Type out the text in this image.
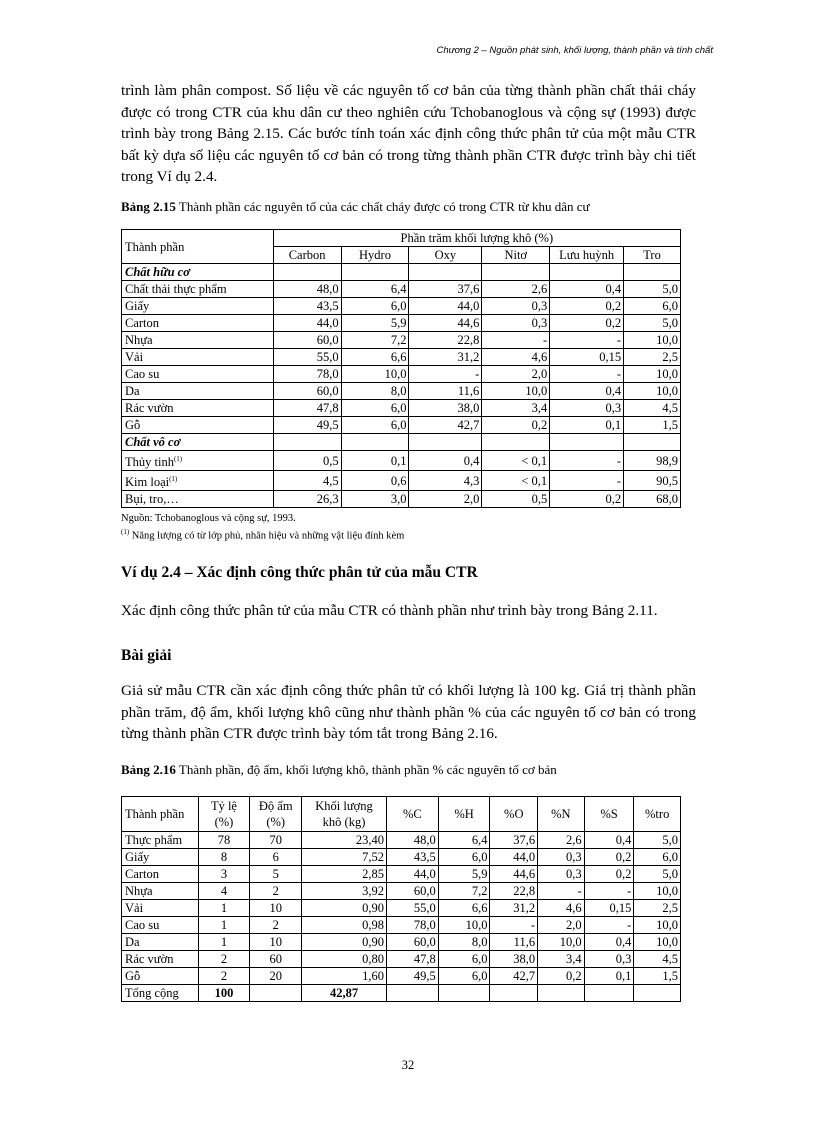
Chương 2 – Nguồn phát sinh, khối lượng, thành phần và tính chất

trình làm phân compost. Số liệu về các nguyên tố cơ bản của từng thành phần chất thải cháy được có trong CTR của khu dân cư theo nghiên cứu Tchobanoglous và cộng sự (1993) được trình bày trong Bảng 2.15. Các bước tính toán xác định công thức phân tử của một mẫu CTR bất kỳ dựa số liệu các nguyên tố cơ bản có trong từng thành phần CTR được trình bày chi tiết trong Ví dụ 2.4.

Bảng 2.15 Thành phần các nguyên tố của các chất cháy được có trong CTR từ khu dân cư

Thành phần	Phần trăm khối lượng khô (%)					
	Carbon	Hydro	Oxy	Nitơ	Lưu huỳnh	Tro
Chất hữu cơ						
Chất thải thực phẩm	48,0	6,4	37,6	2,6	0,4	5,0
Giấy	43,5	6,0	44,0	0,3	0,2	6,0
Carton	44,0	5,9	44,6	0,3	0,2	5,0
Nhựa	60,0	7,2	22,8	-	-	10,0
Vải	55,0	6,6	31,2	4,6	0,15	2,5
Cao su	78,0	10,0	-	2,0	-	10,0
Da	60,0	8,0	11,6	10,0	0,4	10,0
Rác vườn	47,8	6,0	38,0	3,4	0,3	4,5
Gỗ	49,5	6,0	42,7	0,2	0,1	1,5
Chất vô cơ						
Thủy tinh$^{(1)}$	0,5	0,1	0,4	< 0,1	-	98,9
Kim loại$^{(1)}$	4,5	0,6	4,3	< 0,1	-	90,5
Bụi, tro,…	26,3	3,0	2,0	0,5	0,2	68,0

Nguồn: Tchobanoglous và cộng sự, 1993.

$^{(1)}$ Năng lượng có từ lớp phủ, nhãn hiệu và những vật liệu đính kèm

Ví dụ 2.4 – Xác định công thức phân tử của mẫu CTR

Xác định công thức phân tử của mẫu CTR có thành phần như trình bày trong Bảng 2.11.

Bài giải

Giả sử mẫu CTR cần xác định công thức phân tử có khối lượng là 100 kg. Giá trị thành phần phần trăm, độ ẩm, khối lượng khô cũng như thành phần % của các nguyên tố cơ bản có trong từng thành phần CTR được trình bày tóm tắt trong Bảng 2.16.

Bảng 2.16 Thành phần, độ ẩm, khối lượng khô, thành phần % các nguyên tố cơ bản

Thành phần	Tỷ lệ (%)	Độ ẩm (%)	Khối lượng khô (kg)	%C	%H	%O	%N	%S	%tro
Thực phẩm	78	70	23,40	48,0	6,4	37,6	2,6	0,4	5,0
Giấy	8	6	7,52	43,5	6,0	44,0	0,3	0,2	6,0
Carton	3	5	2,85	44,0	5,9	44,6	0,3	0,2	5,0
Nhựa	4	2	3,92	60,0	7,2	22,8	-	-	10,0
Vải	1	10	0,90	55,0	6,6	31,2	4,6	0,15	2,5
Cao su	1	2	0,98	78,0	10,0	-	2,0	-	10,0
Da	1	10	0,90	60,0	8,0	11,6	10,0	0,4	10,0
Rác vườn	2	60	0,80	47,8	6,0	38,0	3,4	0,3	4,5
Gỗ	2	20	1,60	49,5	6,0	42,7	0,2	0,1	1,5
Tổng cộng	100		42,87						
32
